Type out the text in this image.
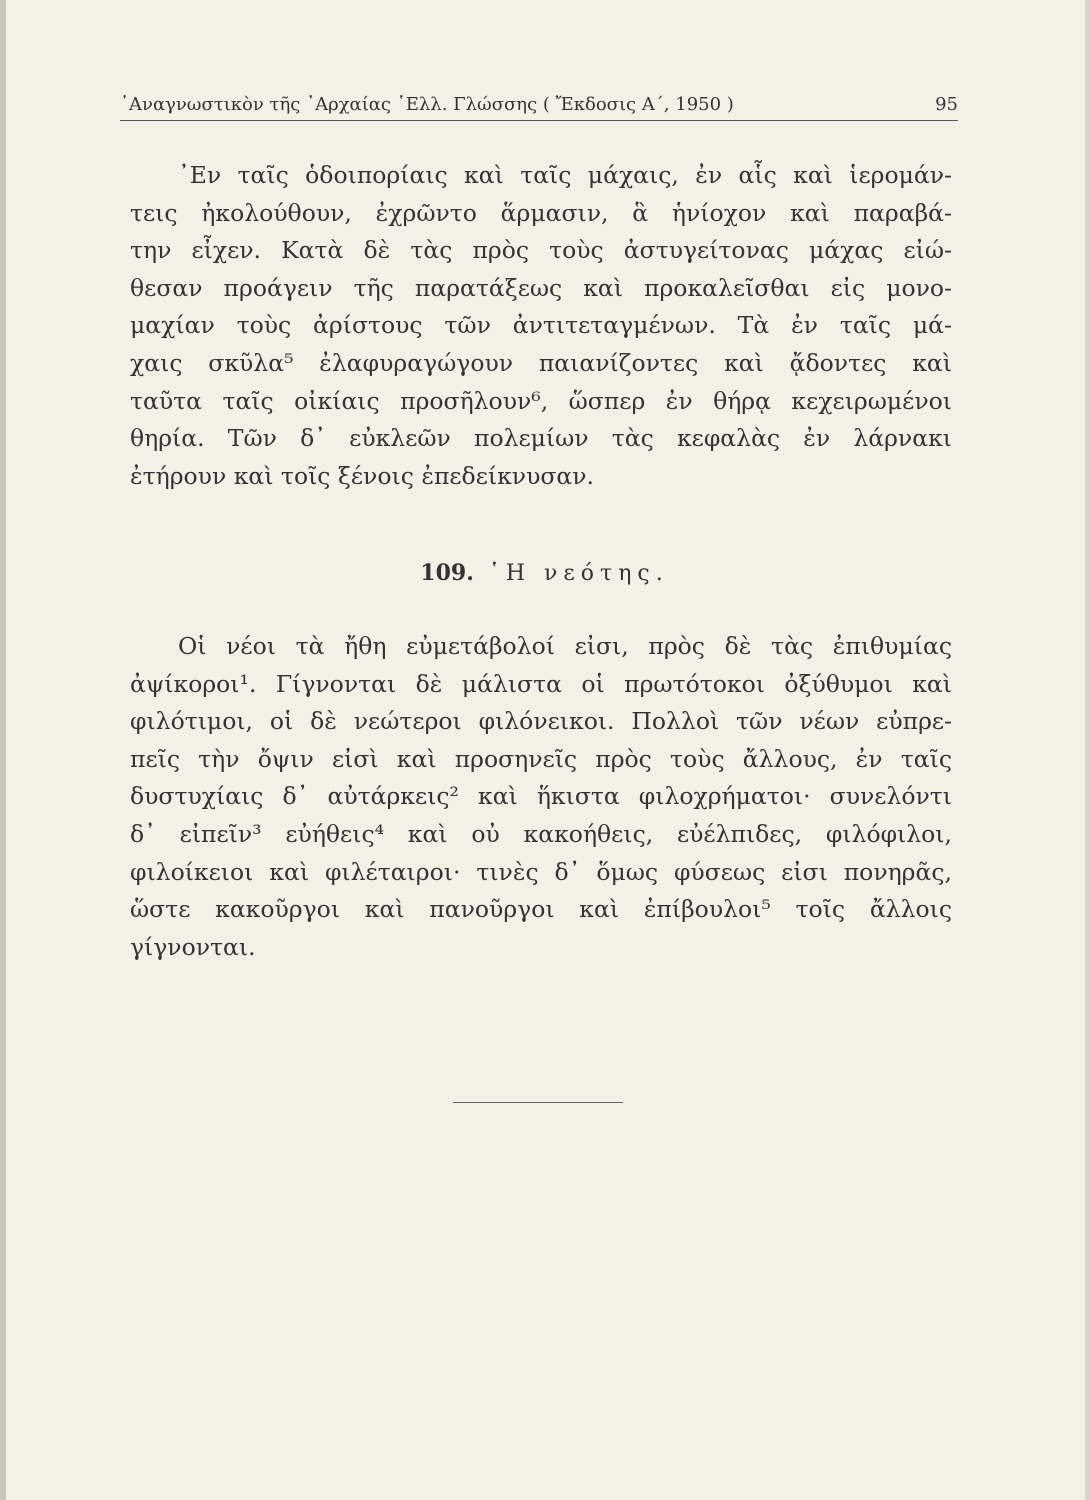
᾿Αναγνωστικὸν τῆς ᾿Αρχαίας ῾Ελλ. Γλώσσης ( Ἔκδοσις Α΄, 1950 )	95
᾿Εν ταῖς ὁδοιπορίαις καὶ ταῖς μάχαις, ἐν αἷς καὶ ἱερομάν-
τεις ἠκολούθουν, ἐχρῶντο ἅρμασιν, ἃ ἡνίοχον καὶ παραβά-
την εἶχεν. Κατὰ δὲ τὰς πρὸς τοὺς ἀστυγείτονας μάχας εἰώ-
θεσαν προάγειν τῆς παρατάξεως καὶ προκαλεῖσθαι εἰς μονο-
μαχίαν τοὺς ἀρίστους τῶν ἀντιτεταγμένων. Τὰ ἐν ταῖς μά-
χαις σκῦλα⁵ ἐλαφυραγώγουν παιανίζοντες καὶ ᾄδοντες καὶ
ταῦτα ταῖς οἰκίαις προσῆλουν⁶, ὥσπερ ἐν θήρᾳ κεχειρωμένοι
θηρία. Τῶν δ᾿ εὐκλεῶν πολεμίων τὰς κεφαλὰς ἐν λάρνακι
ἐτήρουν καὶ τοῖς ξένοις ἐπεδείκνυσαν.
109. ῾Η νεότης.
Οἱ νέοι τὰ ἤθη εὐμετάβολοί εἰσι, πρὸς δὲ τὰς ἐπιθυμίας
ἀψίκοροι¹. Γίγνονται δὲ μάλιστα οἱ πρωτότοκοι ὀξύθυμοι καὶ
φιλότιμοι, οἱ δὲ νεώτεροι φιλόνεικοι. Πολλοὶ τῶν νέων εὐπρε-
πεῖς τὴν ὄψιν εἰσὶ καὶ προσηνεῖς πρὸς τοὺς ἄλλους, ἐν ταῖς
δυστυχίαις δ᾿ αὐτάρκεις² καὶ ἥκιστα φιλοχρήματοι· συνελόντι
δ᾿ εἰπεῖν³ εὐήθεις⁴ καὶ οὐ κακοήθεις, εὐέλπιδες, φιλόφιλοι,
φιλοίκειοι καὶ φιλέταιροι· τινὲς δ᾿ ὅμως φύσεως εἰσι πονηρᾶς,
ὥστε κακοῦργοι καὶ πανοῦργοι καὶ ἐπίβουλοι⁵ τοῖς ἄλλοις
γίγνονται.
